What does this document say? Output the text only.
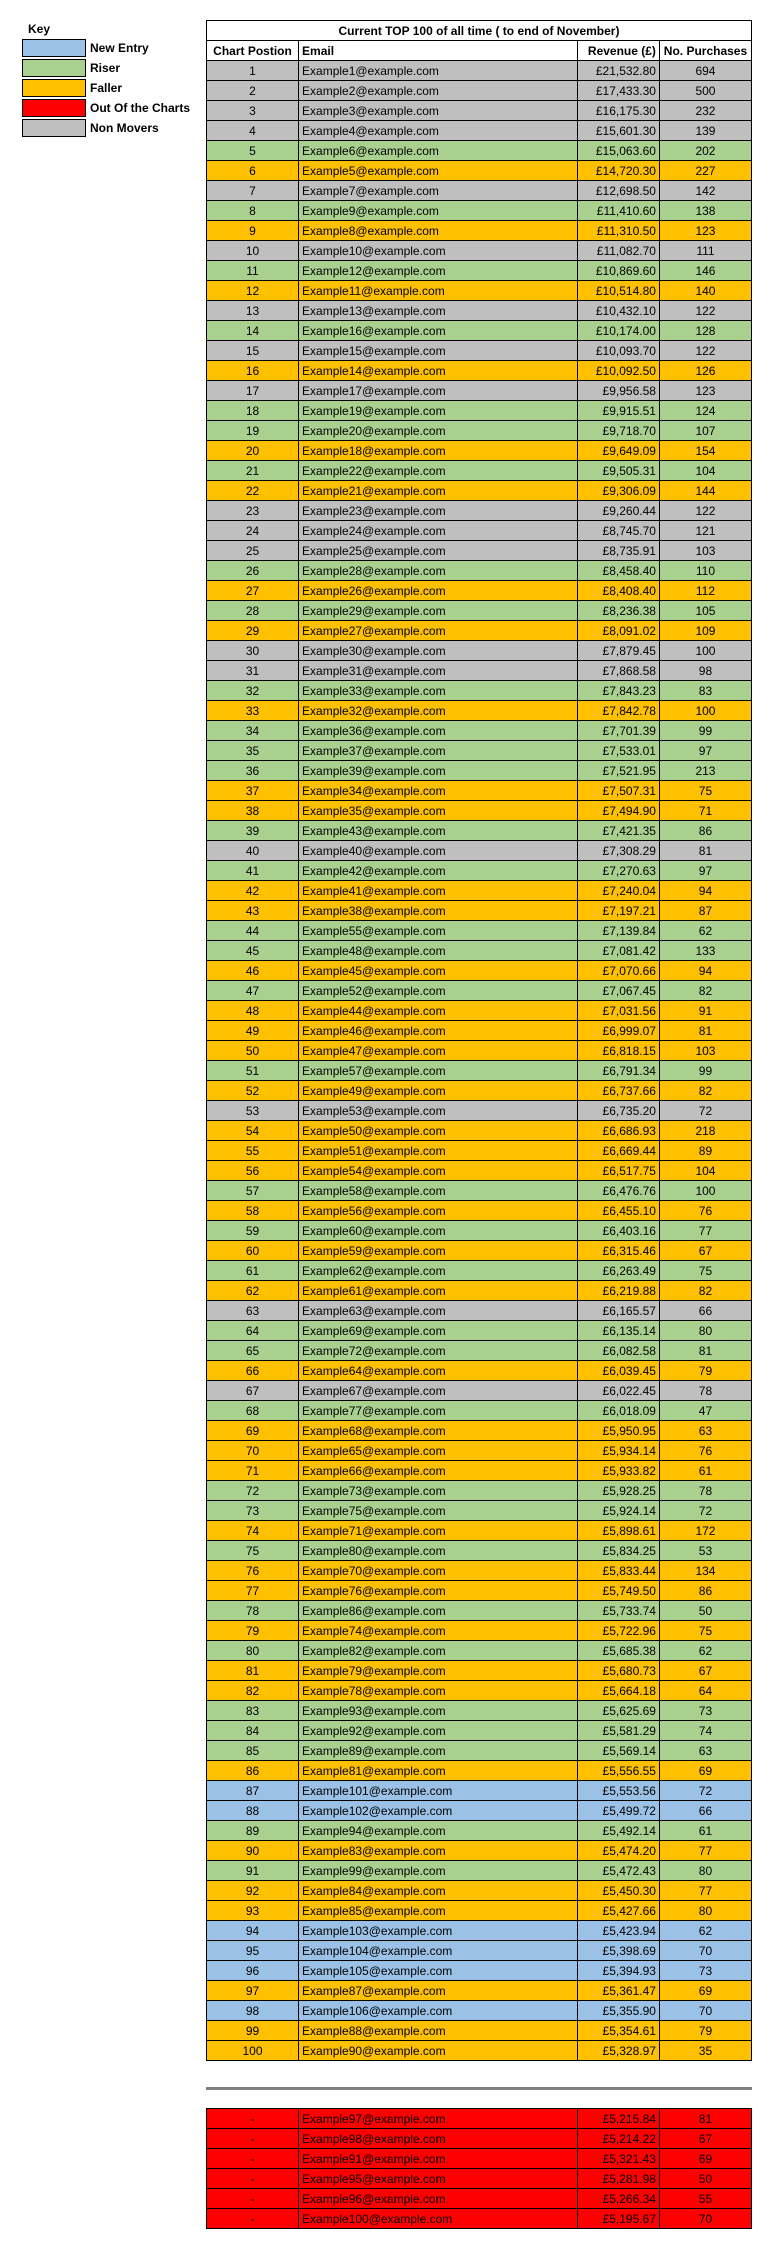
Key
New Entry
Riser
Faller
Out Of the Charts
Non Movers
Current TOP 100 of all time ( to end of November)			
Chart Postion	Email	Revenue (£)	No. Purchases
1	Example1@example.com	£21,532.80	694
2	Example2@example.com	£17,433.30	500
3	Example3@example.com	£16,175.30	232
4	Example4@example.com	£15,601.30	139
5	Example6@example.com	£15,063.60	202
6	Example5@example.com	£14,720.30	227
7	Example7@example.com	£12,698.50	142
8	Example9@example.com	£11,410.60	138
9	Example8@example.com	£11,310.50	123
10	Example10@example.com	£11,082.70	111
11	Example12@example.com	£10,869.60	146
12	Example11@example.com	£10,514.80	140
13	Example13@example.com	£10,432.10	122
14	Example16@example.com	£10,174.00	128
15	Example15@example.com	£10,093.70	122
16	Example14@example.com	£10,092.50	126
17	Example17@example.com	£9,956.58	123
18	Example19@example.com	£9,915.51	124
19	Example20@example.com	£9,718.70	107
20	Example18@example.com	£9,649.09	154
21	Example22@example.com	£9,505.31	104
22	Example21@example.com	£9,306.09	144
23	Example23@example.com	£9,260.44	122
24	Example24@example.com	£8,745.70	121
25	Example25@example.com	£8,735.91	103
26	Example28@example.com	£8,458.40	110
27	Example26@example.com	£8,408.40	112
28	Example29@example.com	£8,236.38	105
29	Example27@example.com	£8,091.02	109
30	Example30@example.com	£7,879.45	100
31	Example31@example.com	£7,868.58	98
32	Example33@example.com	£7,843.23	83
33	Example32@example.com	£7,842.78	100
34	Example36@example.com	£7,701.39	99
35	Example37@example.com	£7,533.01	97
36	Example39@example.com	£7,521.95	213
37	Example34@example.com	£7,507.31	75
38	Example35@example.com	£7,494.90	71
39	Example43@example.com	£7,421.35	86
40	Example40@example.com	£7,308.29	81
41	Example42@example.com	£7,270.63	97
42	Example41@example.com	£7,240.04	94
43	Example38@example.com	£7,197.21	87
44	Example55@example.com	£7,139.84	62
45	Example48@example.com	£7,081.42	133
46	Example45@example.com	£7,070.66	94
47	Example52@example.com	£7,067.45	82
48	Example44@example.com	£7,031.56	91
49	Example46@example.com	£6,999.07	81
50	Example47@example.com	£6,818.15	103
51	Example57@example.com	£6,791.34	99
52	Example49@example.com	£6,737.66	82
53	Example53@example.com	£6,735.20	72
54	Example50@example.com	£6,686.93	218
55	Example51@example.com	£6,669.44	89
56	Example54@example.com	£6,517.75	104
57	Example58@example.com	£6,476.76	100
58	Example56@example.com	£6,455.10	76
59	Example60@example.com	£6,403.16	77
60	Example59@example.com	£6,315.46	67
61	Example62@example.com	£6,263.49	75
62	Example61@example.com	£6,219.88	82
63	Example63@example.com	£6,165.57	66
64	Example69@example.com	£6,135.14	80
65	Example72@example.com	£6,082.58	81
66	Example64@example.com	£6,039.45	79
67	Example67@example.com	£6,022.45	78
68	Example77@example.com	£6,018.09	47
69	Example68@example.com	£5,950.95	63
70	Example65@example.com	£5,934.14	76
71	Example66@example.com	£5,933.82	61
72	Example73@example.com	£5,928.25	78
73	Example75@example.com	£5,924.14	72
74	Example71@example.com	£5,898.61	172
75	Example80@example.com	£5,834.25	53
76	Example70@example.com	£5,833.44	134
77	Example76@example.com	£5,749.50	86
78	Example86@example.com	£5,733.74	50
79	Example74@example.com	£5,722.96	75
80	Example82@example.com	£5,685.38	62
81	Example79@example.com	£5,680.73	67
82	Example78@example.com	£5,664.18	64
83	Example93@example.com	£5,625.69	73
84	Example92@example.com	£5,581.29	74
85	Example89@example.com	£5,569.14	63
86	Example81@example.com	£5,556.55	69
87	Example101@example.com	£5,553.56	72
88	Example102@example.com	£5,499.72	66
89	Example94@example.com	£5,492.14	61
90	Example83@example.com	£5,474.20	77
91	Example99@example.com	£5,472.43	80
92	Example84@example.com	£5,450.30	77
93	Example85@example.com	£5,427.66	80
94	Example103@example.com	£5,423.94	62
95	Example104@example.com	£5,398.69	70
96	Example105@example.com	£5,394.93	73
97	Example87@example.com	£5,361.47	69
98	Example106@example.com	£5,355.90	70
99	Example88@example.com	£5,354.61	79
100	Example90@example.com	£5,328.97	35
-	Example97@example.com	£5,215.84	81
-	Example98@example.com	£5,214.22	67
-	Example91@example.com	£5,321.43	69
-	Example95@example.com	£5,281.98	50
-	Example96@example.com	£5,266.34	55
-	Example100@example.com	£5,195.67	70
